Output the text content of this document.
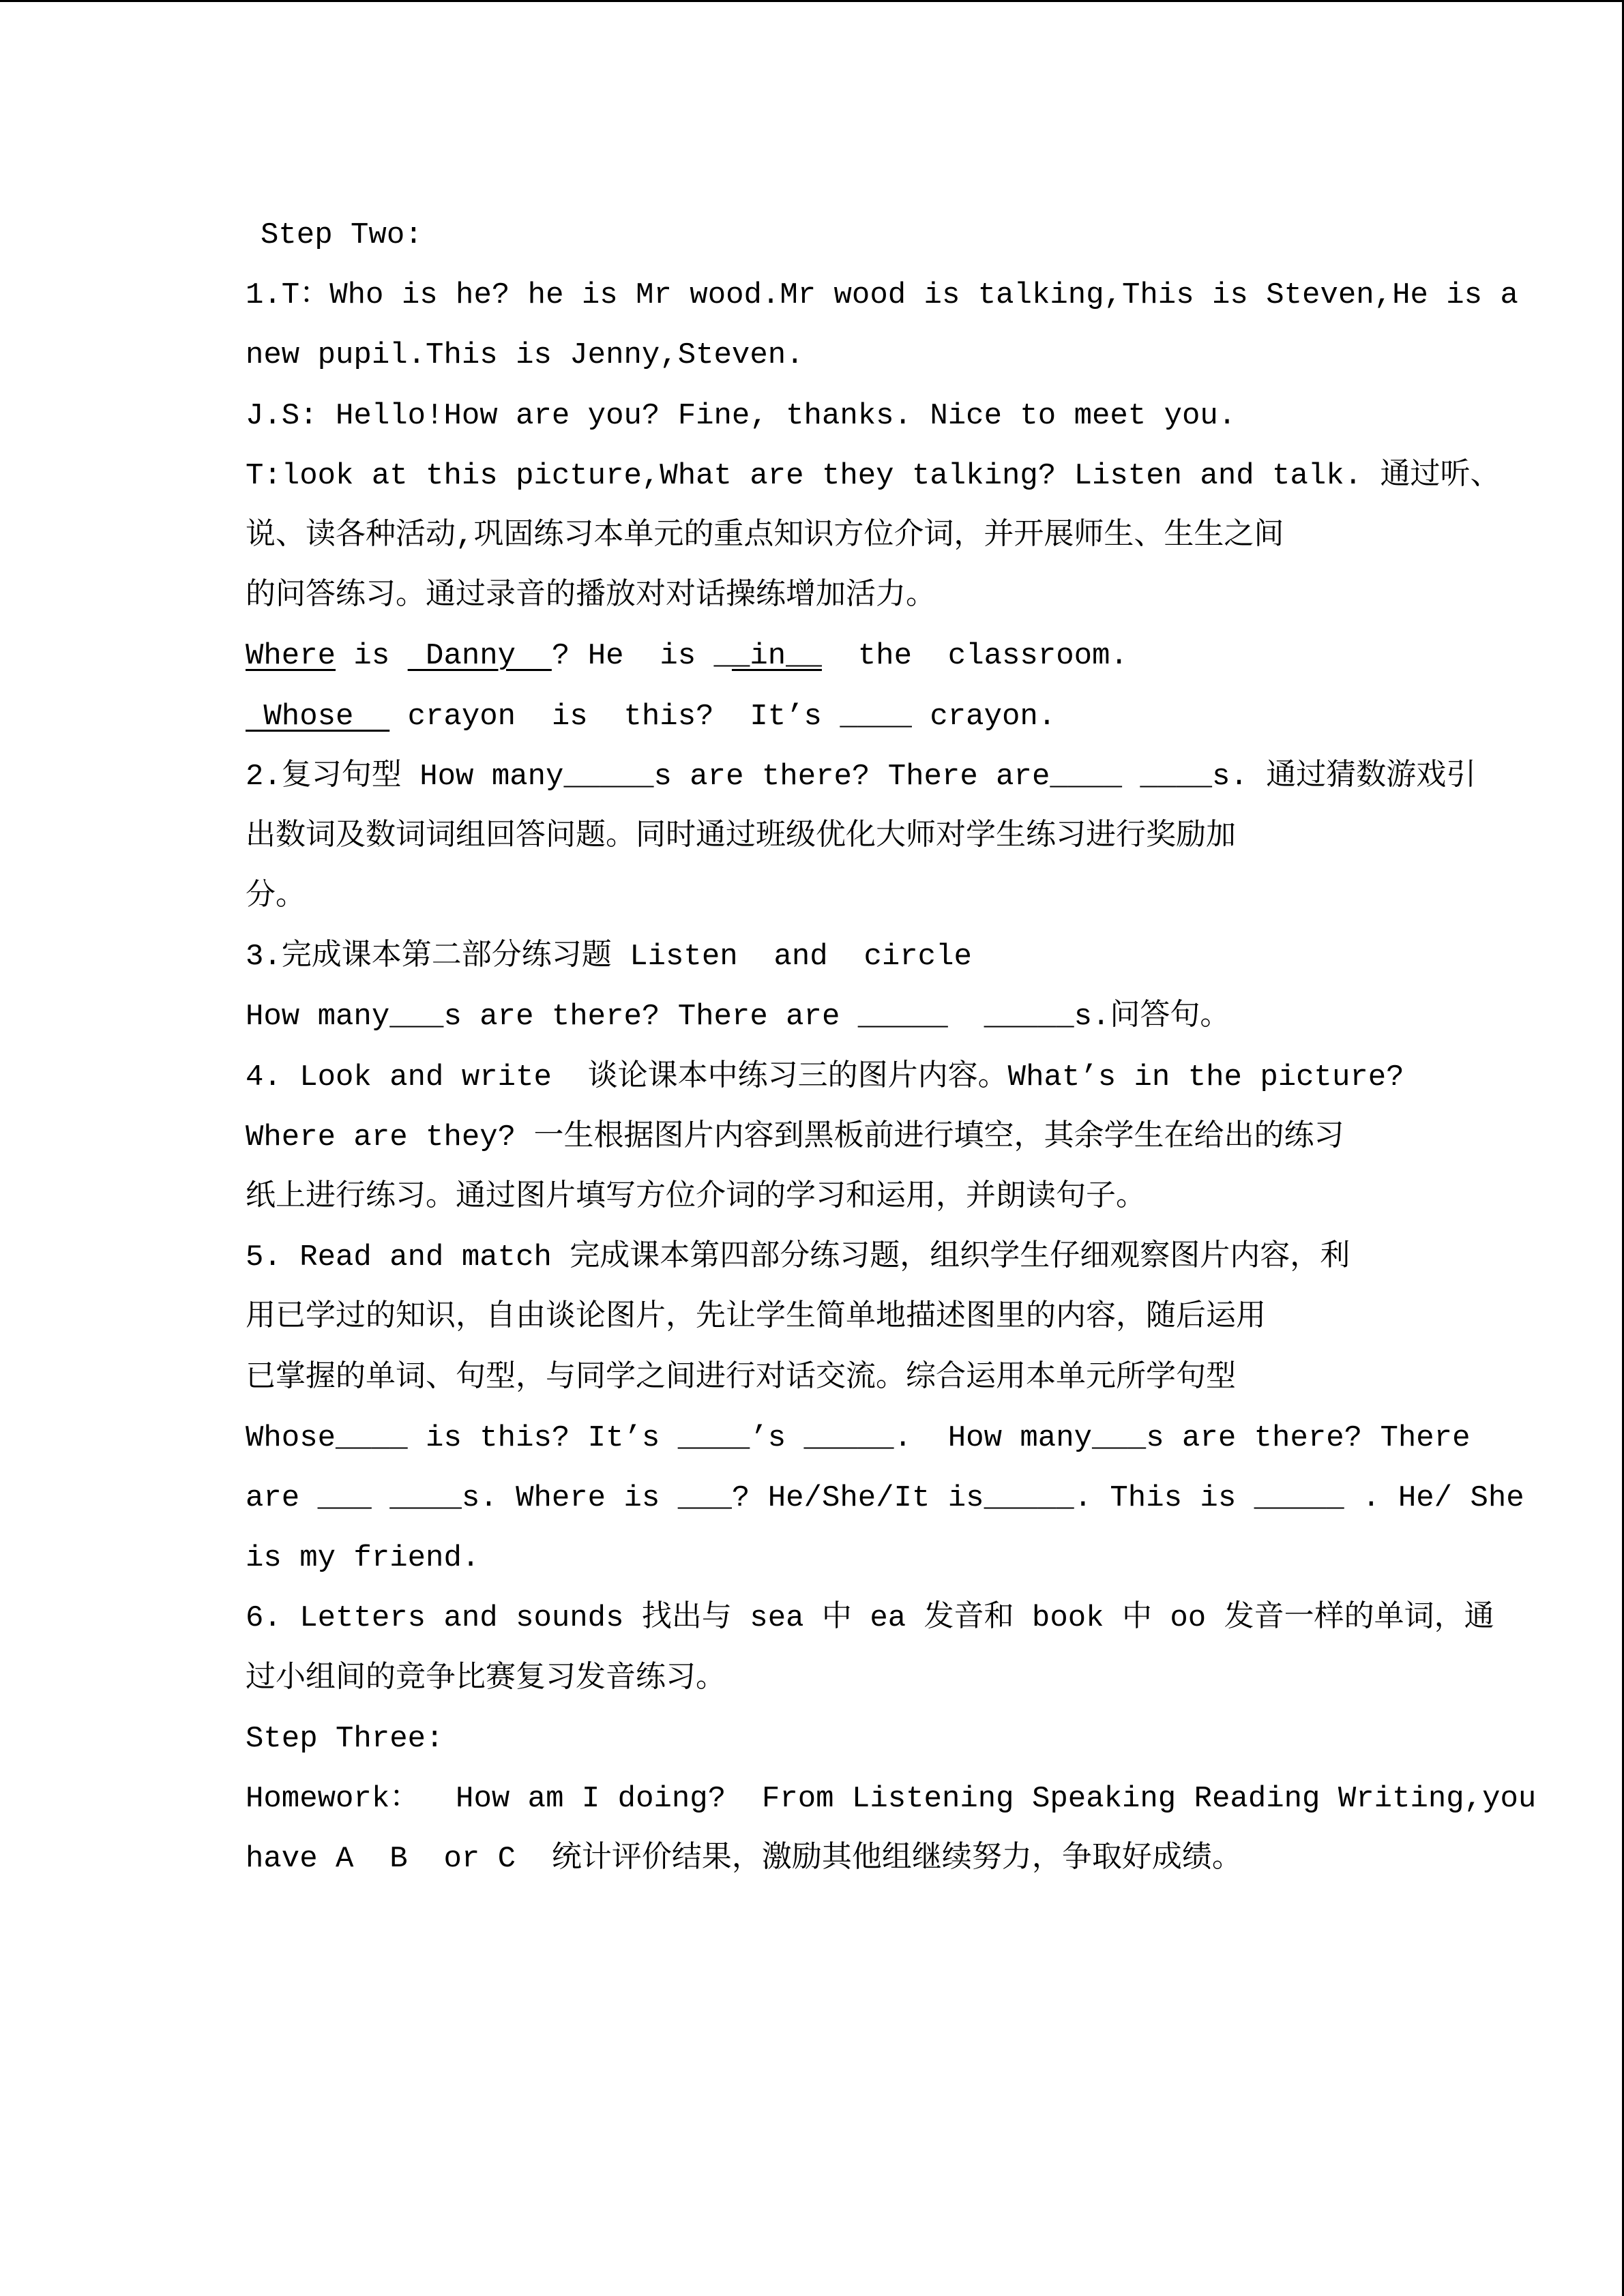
Step Two:
1.T：Who is he? he is Mr wood.Mr wood is talking,This is Steven,He is a
new pupil.This is Jenny,Steven.
J.S: Hello!How are you? Fine, thanks. Nice to meet you.
T:look at this picture,What are they talking? Listen and talk. 通过听、
说、读各种活动,巩固练习本单元的重点知识方位介词，并开展师生、生生之间
的问答练习。通过录音的播放对对话操练增加活力。
Where is  Danny  ? He  is __in__  the  classroom.
Whose   crayon  is  this?  It’s ____ crayon.
2.复习句型 How many_____s are there? There are____ ____s. 通过猜数游戏引
出数词及数词词组回答问题。同时通过班级优化大师对学生练习进行奖励加
分。
3.完成课本第二部分练习题 Listen  and  circle
How many___s are there? There are _____  _____s.问答句。
4. Look and write  谈论课本中练习三的图片内容。What’s in the picture?
Where are they? 一生根据图片内容到黑板前进行填空，其余学生在给出的练习
纸上进行练习。通过图片填写方位介词的学习和运用，并朗读句子。
5. Read and match 完成课本第四部分练习题，组织学生仔细观察图片内容，利
用已学过的知识，自由谈论图片，先让学生简单地描述图里的内容，随后运用
已掌握的单词、句型，与同学之间进行对话交流。综合运用本单元所学句型
Whose____ is this? It’s ____’s _____.  How many___s are there? There
are ___ ____s. Where is ___? He/She/It is_____. This is _____ . He/ She
is my friend.
6. Letters and sounds 找出与 sea 中 ea 发音和 book 中 oo 发音一样的单词，通
过小组间的竞争比赛复习发音练习。
Step Three:
Homework：  How am I doing?  From Listening Speaking Reading Writing,you
have A  B  or C  统计评价结果，激励其他组继续努力，争取好成绩。
